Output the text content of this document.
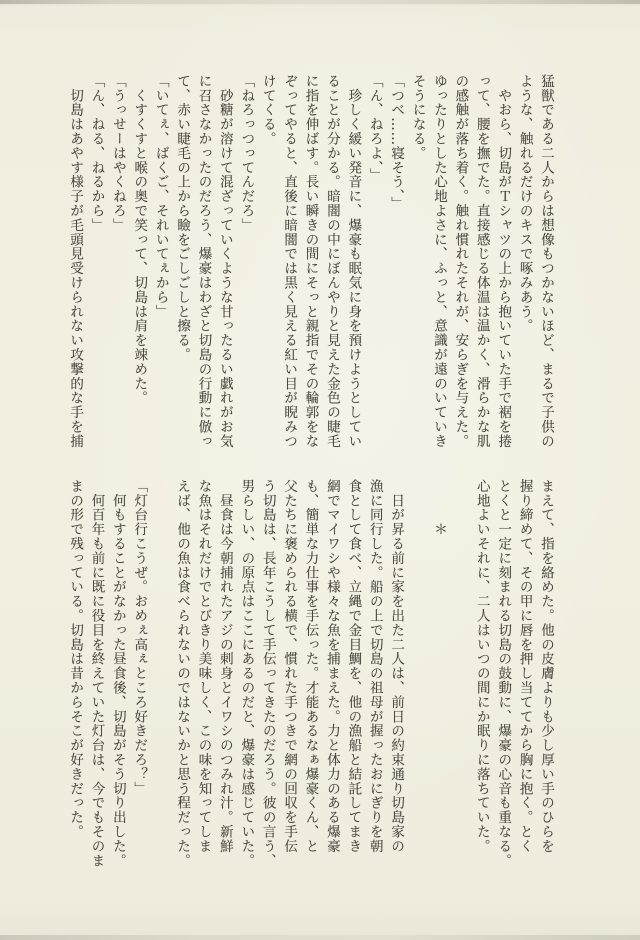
猛獣である二人からは想像もつかないほど、まるで子供の

ような、触れるだけのキスで啄みあう。

　やおら、切島がＴシャツの上から抱いていた手で裾を捲

って、腰を撫でた。直接感じる体温は温かく、滑らかな肌

の感触が落ち着く。触れ慣れたそれが、安らぎを与えた。

ゆったりとした心地よさに、ふっと、意識が遠のいていき

そうになる。

「つべ……寝そう、」

「ん、ねろよ、」

　珍しく緩い発音に、爆豪も眠気に身を預けようとしてい

ることが分かる。暗闇の中にぼんやりと見えた金色の睫毛

に指を伸ばす。長い瞬きの間にそっと親指でその輪郭をな

ぞってやると、直後に暗闇では黒く見える紅い目が睨みつ

けてくる。

「ねろっつってんだろ」

　砂糖が溶けて混ざっていくような甘ったるい戯れがお気

に召さなかったのだろう、爆豪はわざと切島の行動に倣っ

て、赤い睫毛の上から瞼をごしごしと擦る。

「いてぇ、ばくご、それいてぇから」

　くすくすと喉の奥で笑って、切島は肩を竦めた。

「うっせーはやくねろ」

「ん、ねる、ねるから」

　切島はあやす様子が毛頭見受けられない攻撃的な手を捕

まえて、指を絡めた。他の皮膚よりも少し厚い手のひらを

握り締めて、その甲に唇を押し当ててから胸に抱く。とく

とくと一定に刻まれる切島の鼓動に、爆豪の心音も重なる。

心地よいそれに、二人はいつの間にか眠りに落ちていた。

　　　＊

　日が昇る前に家を出た二人は、前日の約束通り切島家の

漁に同行した。船の上で切島の祖母が握ったおにぎりを朝

食として食べ、立縄で金目鯛を、他の漁船と結託してまき

網でマイワシや様々な魚を捕まえた。力と体力のある爆豪

も、簡単な力仕事を手伝った。才能あるなぁ爆豪くん、と

父たちに褒められる横で、慣れた手つきで網の回収を手伝

う切島は、長年こうして手伝ってきたのだろう。彼の言う、

男らしい、の原点はここにあるのだと、爆豪は感じていた。

　昼食は今朝捕れたアジの刺身とイワシのつみれ汁。新鮮

な魚はそれだけでとびきり美味しく、この味を知ってしま

えば、他の魚は食べられないのではないかと思う程だった。

「灯台行こうぜ。おめぇ高ぇところ好きだろ？」

　何もすることがなかった昼食後、切島がそう切り出した。

　何百年も前に既に役目を終えていた灯台は、今でもそのま

まの形で残っている。切島は昔からそこが好きだった。
